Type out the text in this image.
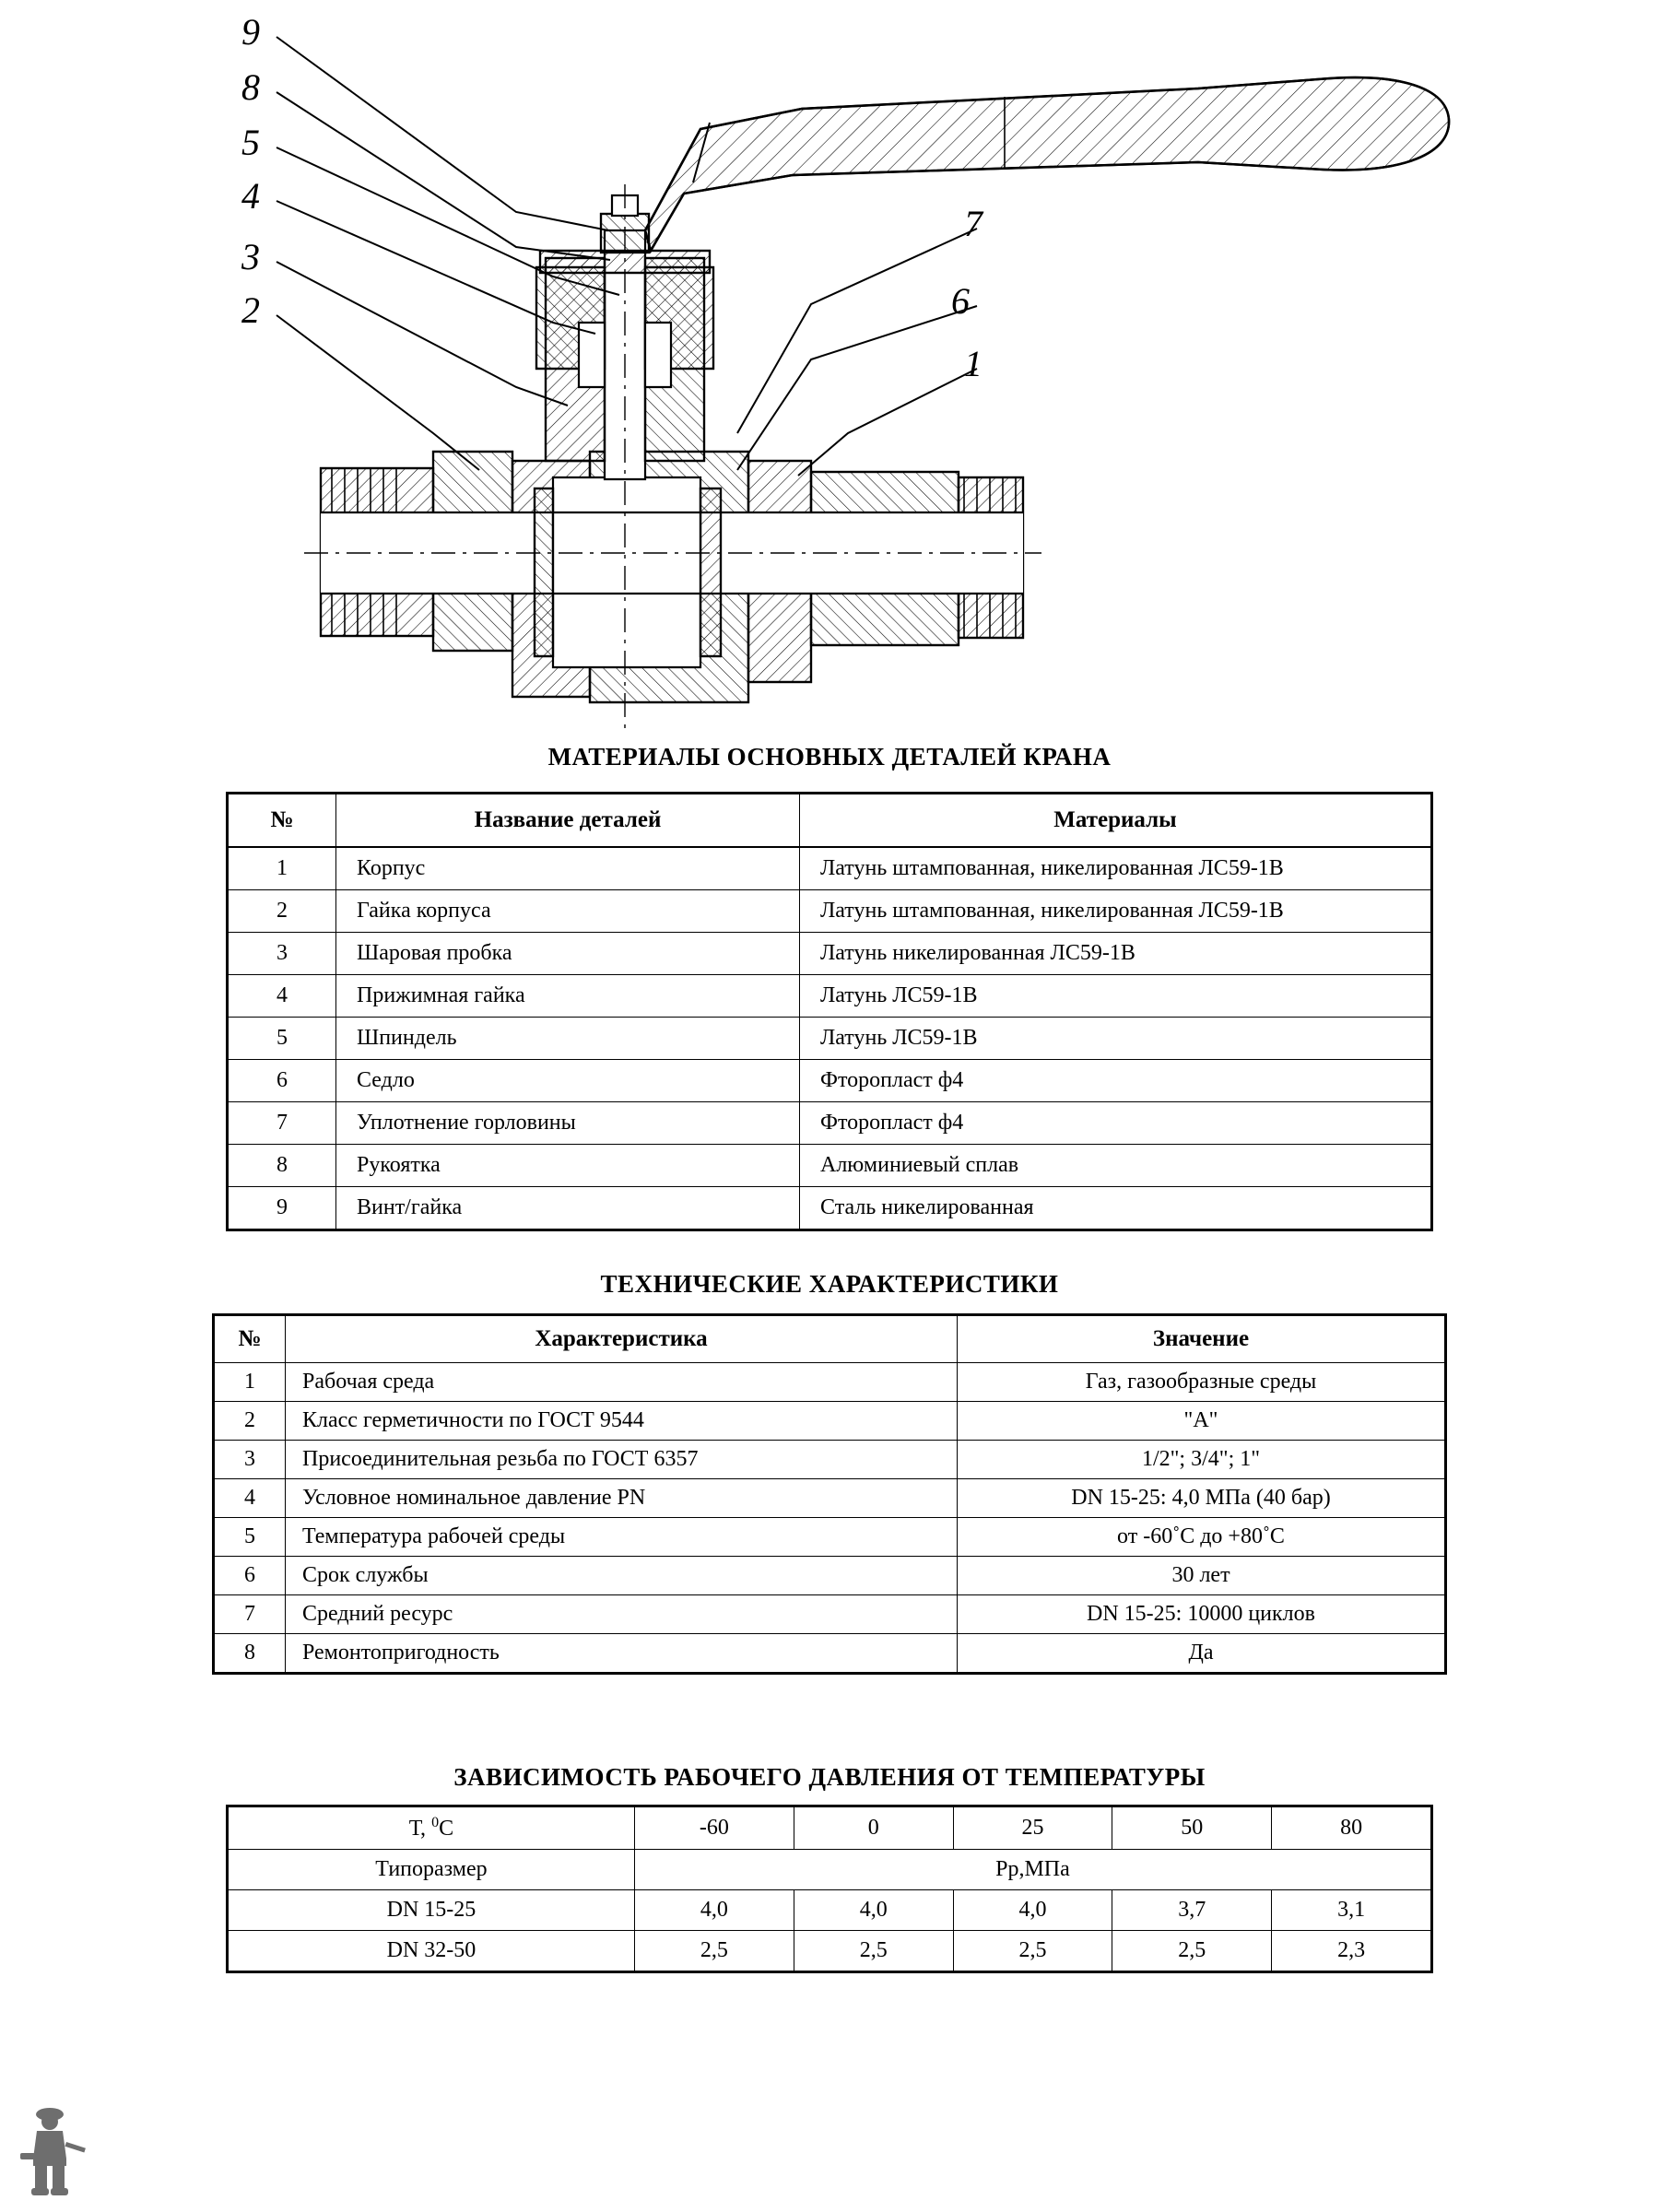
9
8
5
4
3
2
7
6
1
МАТЕРИАЛЫ ОСНОВНЫХ ДЕТАЛЕЙ КРАНА
№	Название деталей	Материалы
1	Корпус	Латунь штампованная, никелированная ЛС59-1В
2	Гайка корпуса	Латунь штампованная, никелированная ЛС59-1В
3	Шаровая пробка	Латунь никелированная ЛС59-1В
4	Прижимная гайка	Латунь ЛС59-1В
5	Шпиндель	Латунь ЛС59-1В
6	Седло	Фторопласт ф4
7	Уплотнение горловины	Фторопласт ф4
8	Рукоятка	Алюминиевый сплав
9	Винт/гайка	Сталь никелированная
ТЕХНИЧЕСКИЕ ХАРАКТЕРИСТИКИ
№	Характеристика	Значение
1	Рабочая среда	Газ, газообразные среды
2	Класс герметичности по ГОСТ 9544	"А"
3	Присоединительная резьба по ГОСТ 6357	1/2"; 3/4"; 1"
4	Условное номинальное давление PN	DN 15-25: 4,0 МПа (40 бар)
5	Температура рабочей среды	от -60˚С до +80˚С
6	Срок службы	30 лет
7	Средний ресурс	DN 15-25: 10000 циклов
8	Ремонтопригодность	Да
ЗАВИСИМОСТЬ РАБОЧЕГО ДАВЛЕНИЯ ОТ ТЕМПЕРАТУРЫ
Т, $^0$С	-60	0	25	50	80
Типоразмер	Рр,МПа				
DN 15-25	4,0	4,0	4,0	3,7	3,1
DN 32-50	2,5	2,5	2,5	2,5	2,3
